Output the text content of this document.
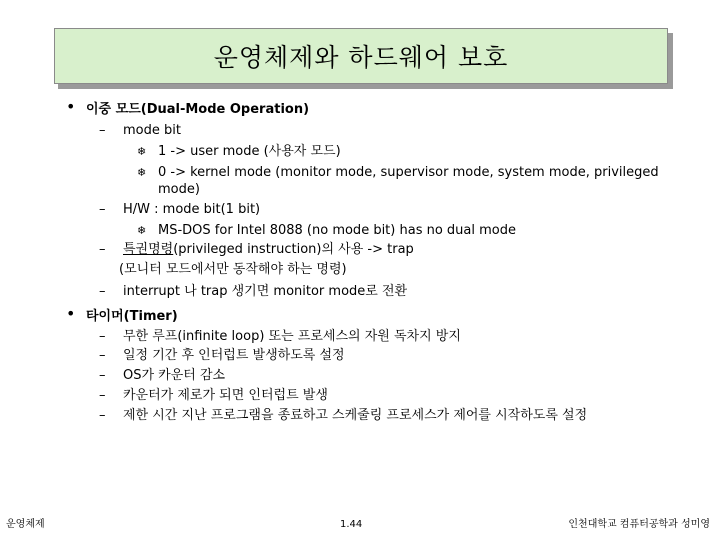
운영체제와 하드웨어 보호
• 이중 모드(Dual-Mode Operation)
– mode bit
❄ 1 -> user mode (사용자 모드)
❄ 0 -> kernel mode (monitor mode, supervisor mode, system mode, privileged
mode)
– H/W : mode bit(1 bit)
❄ MS-DOS for Intel 8088 (no mode bit) has no dual mode
– 특권명령(privileged instruction)의 사용 -> trap
(모니터 모드에서만 동작해야 하는 명령)
– interrupt 나 trap 생기면 monitor mode로 전환
• 타이머(Timer)
– 무한 루프(infinite loop) 또는 프로세스의 자원 독차지 방지
– 일정 기간 후 인터럽트 발생하도록 설정
– OS가 카운터 감소
– 카운터가 제로가 되면 인터럽트 발생
– 제한 시간 지난 프로그램을 종료하고 스케줄링 프로세스가 제어를 시작하도록 설정
운영체제	1.44	인천대학교 컴퓨터공학과 성미영
